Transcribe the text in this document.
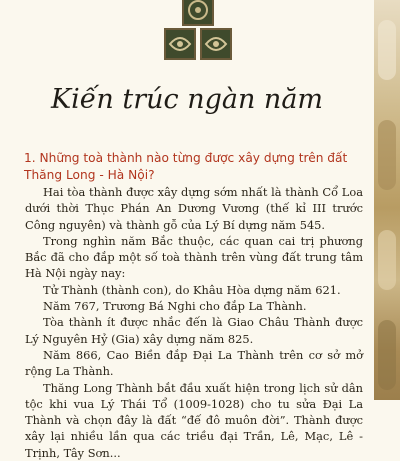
Kiến trúc ngàn năm
1. Những toà thành nào từng được xây dựng trên đất Thăng Long - Hà Nội?

Hai tòa thành được xây dựng sớm nhất là thành Cổ Loa dưới thời Thục Phán An Dương Vương (thế kỉ III trước Công nguyên) và thành gỗ của Lý Bí dựng năm 545.

Trong nghìn năm Bắc thuộc, các quan cai trị phương Bắc đã cho đắp một số toà thành trên vùng đất trung tâm Hà Nội ngày nay:

Tử Thành (thành con), do Khâu Hòa dựng năm 621.

Năm 767, Trương Bá Nghi cho đắp La Thành.

Tòa thành ít được nhắc đến là Giao Châu Thành được Lý Nguyên Hỷ (Gia) xây dựng năm 825.

Năm 866, Cao Biền đắp Đại La Thành trên cơ sở mở rộng La Thành.

Thăng Long Thành bắt đầu xuất hiện trong lịch sử dân tộc khi vua Lý Thái Tổ (1009-1028) cho tu sửa Đại La Thành và chọn đây là đất “đế đô muôn đời”. Thành được xây lại nhiều lần qua các triều đại Trần, Lê, Mạc, Lê - Trịnh, Tây Sơn...
